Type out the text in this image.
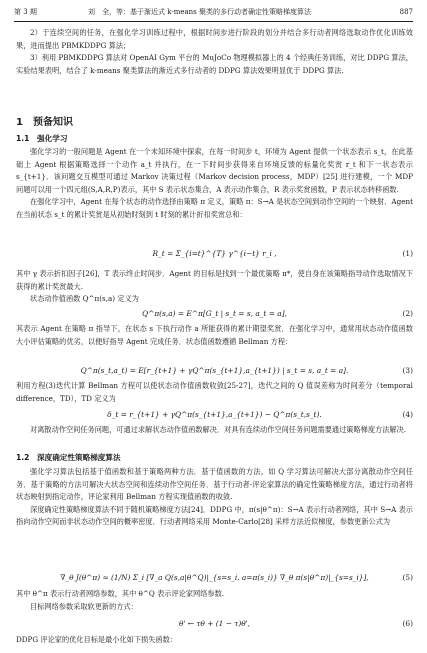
第 3 期	刘　全，等：基于渐近式 k-means 聚类的多行动者确定性策略梯度算法	887

2）于连续空间的任务，在强化学习训练过程中，根据时间步进行阶段的划分并结合多行动者网络选取动作优化训练效果，进而提出 PBMKDDPG 算法；

3）利用 PBMKDDPG 算法对 OpenAI Gym 平台的 MuJoCo 物理模拟器上的 4 个经典任务训练，对比 DDPG 算法，实验结果表明，结合了 k-means 聚类算法的渐近式多行动者的 DDPG 算法效果明显优于 DDPG 算法.

1　预备知识
1.1　强化学习

强化学习的一般问题是 Agent 在一个未知环境中探索，在每一时间步 t，环境为 Agent 提供一个状态表示 s_t，在此基础上 Agent 根据策略选择一个动作 a_t 并执行，在一下时间步获得来自环境反馈的标量化奖赏 r_t 和下一状态表示 s_{t+1}．该问题交互模型可通过 Markov 决策过程（Markov decision process，MDP）[25] 进行建模，一个 MDP 问题可以用一个四元组(S,A,R,P)表示，其中 S 表示状态集合，A 表示动作集合，R 表示奖赏函数，P 表示状态转移函数.

在强化学习中，Agent 在每个状态的动作选择由策略 π 定义，策略 π：S→A 是状态空间到动作空间的一个映射．Agent 在当前状态 s_t 的累计奖赏是从初始时刻到 t 时刻的累计折扣奖赏总和：

R_t = Σ_{i=t}^{T} γ^{i−t} r_i ,	(1)

其中 γ 表示折扣因子[26]，T 表示终止时间步．Agent 的目标是找到一个最优策略 π*，使自身在该策略指导动作选取情况下获得的累计奖赏最大.

状态动作值函数 Q^π(s,a) 定义为

Q^π(s,a) = E^π[G_t | s_t = s, a_t = a],	(2)

其表示 Agent 在策略 π 指导下，在状态 s 下执行动作 a 所能获得的累计期望奖赏．在强化学习中，通常用状态动作值函数大小评估策略的优劣，以便好指导 Agent 完成任务．状态值函数遵循 Bellman 方程：

Q^π(s_t,a_t) = E[r_{t+1} + γQ^π(s_{t+1},a_{t+1}) | s_t = s, a_t = a].	(3)

利用方程(3)迭代计算 Bellman 方程可以使状态动作值函数收敛[25-27]，迭代之间的 Q 值误差称为时间差分（temporal difference，TD），TD 定义为

δ_t = r_{t+1} + γQ^π(s_{t+1},a_{t+1}) − Q^π(s_t,s_t).	(4)

对离散动作空间任务问题，可通过求解状态动作值函数解决．对具有连续动作空间任务问题需要通过策略梯度方法解决.

1.2　深度确定性策略梯度算法

强化学习算法包括基于值函数和基于策略两种方法．基于值函数的方法，如 Q 学习算法可解决大部分离散动作空间任务．基于策略的方法可解决大状态空间和连续动作空间任务．基于行动者-评论家算法的确定性策略梯度方法，通过行动者将状态映射到指定动作，评论家利用 Bellman 方程实现值函数的收敛.

深度确定性策略梯度算法不同于随机策略梯度方法[24]．DDPG 中，π(s|θ^π)：S→A 表示行动者网络，其中 S→A 表示指向动作空间而非状态动作空间的概率密度．行动者网络采用 Monte-Carlo[28] 采样方法近似梯度，参数更新公式为

∇_θ J(θ^π) ≈ (1/N) Σ_i [∇_a Q(s,a|θ^Q)|_{s=s_i, a=π(s_i)} ∇_θ π(s|θ^π)|_{s=s_i}],	(5)

其中 θ^π 表示行动者网络参数，其中 θ^Q 表示评论家网络参数.

目标网络参数采取软更新的方式：

θ' ← τθ + (1 − τ)θ',	(6)

DDPG 评论家的优化目标是最小化如下损失函数：
